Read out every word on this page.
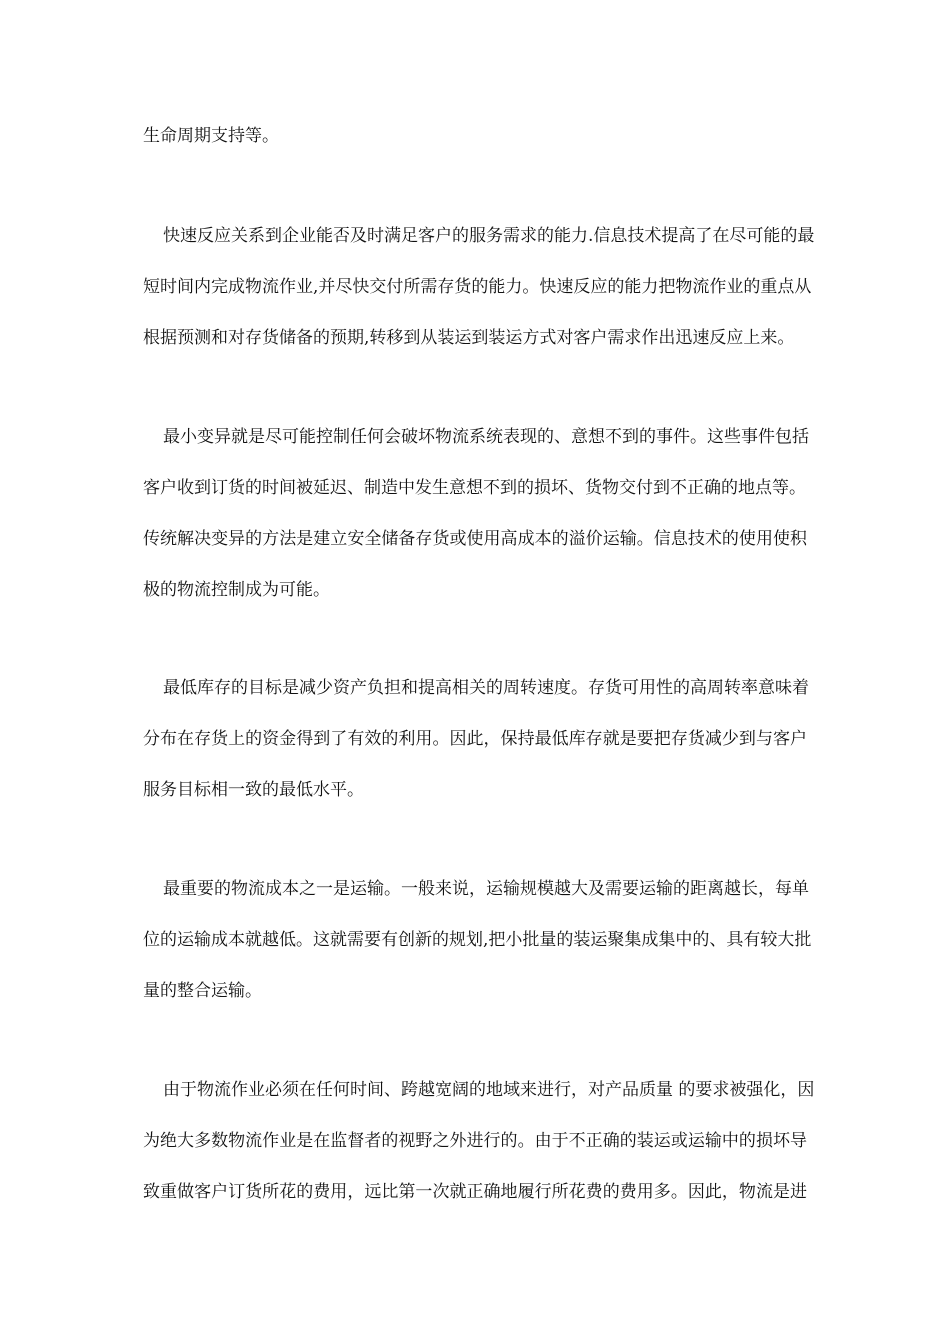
生命周期支持等。
快速反应关系到企业能否及时满足客户的服务需求的能力.信息技术提高了在尽可能的最
短时间内完成物流作业,并尽快交付所需存货的能力。快速反应的能力把物流作业的重点从
根据预测和对存货储备的预期,转移到从装运到装运方式对客户需求作出迅速反应上来。
最小变异就是尽可能控制任何会破坏物流系统表现的、意想不到的事件。这些事件包括
客户收到订货的时间被延迟、制造中发生意想不到的损坏、货物交付到不正确的地点等。
传统解决变异的方法是建立安全储备存货或使用高成本的溢价运输。信息技术的使用使积
极的物流控制成为可能。
最低库存的目标是减少资产负担和提高相关的周转速度。存货可用性的高周转率意味着
分布在存货上的资金得到了有效的利用。因此，保持最低库存就是要把存货减少到与客户
服务目标相一致的最低水平。
最重要的物流成本之一是运输。一般来说，运输规模越大及需要运输的距离越长，每单
位的运输成本就越低。这就需要有创新的规划,把小批量的装运聚集成集中的、具有较大批
量的整合运输。
由于物流作业必须在任何时间、跨越宽阔的地域来进行，对产品质量 的要求被强化，因
为绝大多数物流作业是在监督者的视野之外进行的。由于不正确的装运或运输中的损坏导
致重做客户订货所花的费用，远比第一次就正确地履行所花费的费用多。因此，物流是进
